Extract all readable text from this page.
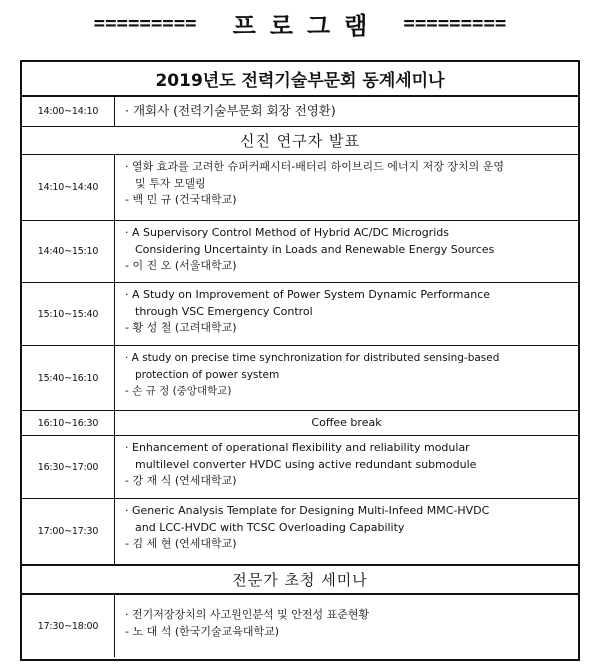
========= 프로그램 =========
2019년도 전력기술부문회 동계세미나
14:00~14:10	· 개회사 (전력기술부문회 회장 전영환)
신진 연구자 발표
14:10~14:40
· 열화 효과를 고려한 슈퍼커패시터-배터리 하이브리드 에너지 저장 장치의 운영
및 투자 모델링
- 백 민 규 (건국대학교)
14:40~15:10
· A Supervisory Control Method of Hybrid AC/DC Microgrids
Considering Uncertainty in Loads and Renewable Energy Sources
- 이 진 오 (서울대학교)
15:10~15:40
· A Study on Improvement of Power System Dynamic Performance
through VSC Emergency Control
- 황 성 철 (고려대학교)
15:40~16:10
· A study on precise time synchronization for distributed sensing-based
protection of power system
- 손 규 정 (중앙대학교)
16:10~16:30	Coffee break
16:30~17:00
· Enhancement of operational flexibility and reliability modular
multilevel converter HVDC using active redundant submodule
- 강 재 식 (연세대학교)
17:00~17:30
· Generic Analysis Template for Designing Multi-Infeed MMC-HVDC
and LCC-HVDC with TCSC Overloading Capability
- 김 세 현 (연세대학교)
전문가 초청 세미나
17:30~18:00
· 전기저장장치의 사고원인분석 및 안전성 표준현황
- 노 대 석 (한국기술교육대학교)
